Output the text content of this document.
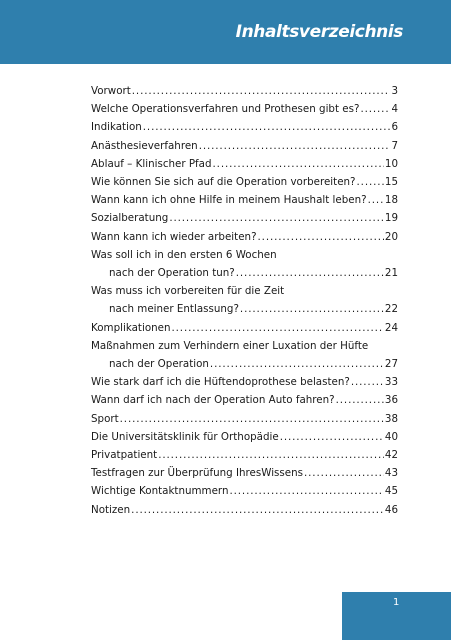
Inhaltsverzeichnis
Vorwort . . .	3
Welche Operationsverfahren und Prothesen gibt es? . . .	4
Indikation . . .	6
Anästhesieverfahren . . .	7
Ablauf – Klinischer Pfad . . .	10
Wie können Sie sich auf die Operation vorbereiten? . . .	15
Wann kann ich ohne Hilfe in meinem Haushalt leben? . . . 18
Sozialberatung . . .	19
Wann kann ich wieder arbeiten? . . .	20
Was soll ich in den ersten 6 Wochen
nach der Operation tun? . . .	21
Was muss ich vorbereiten für die Zeit
nach meiner Entlassung? . . .	22
Komplikationen . . .	24
Maßnahmen zum Verhindern einer Luxation der Hüfte
nach der Operation . . .	27
Wie stark darf ich die Hüftendoprothese belasten? . . .	33
Wann darf ich nach der Operation Auto fahren? . . .	36
Sport . . .	38
Die Universitätsklinik für Orthopädie . . .	40
Privatpatient . . .	42
Testfragen zur Überprüfung IhresWissens . . .	43
Wichtige Kontaktnummern . . .	45
Notizen . . .	46
1
